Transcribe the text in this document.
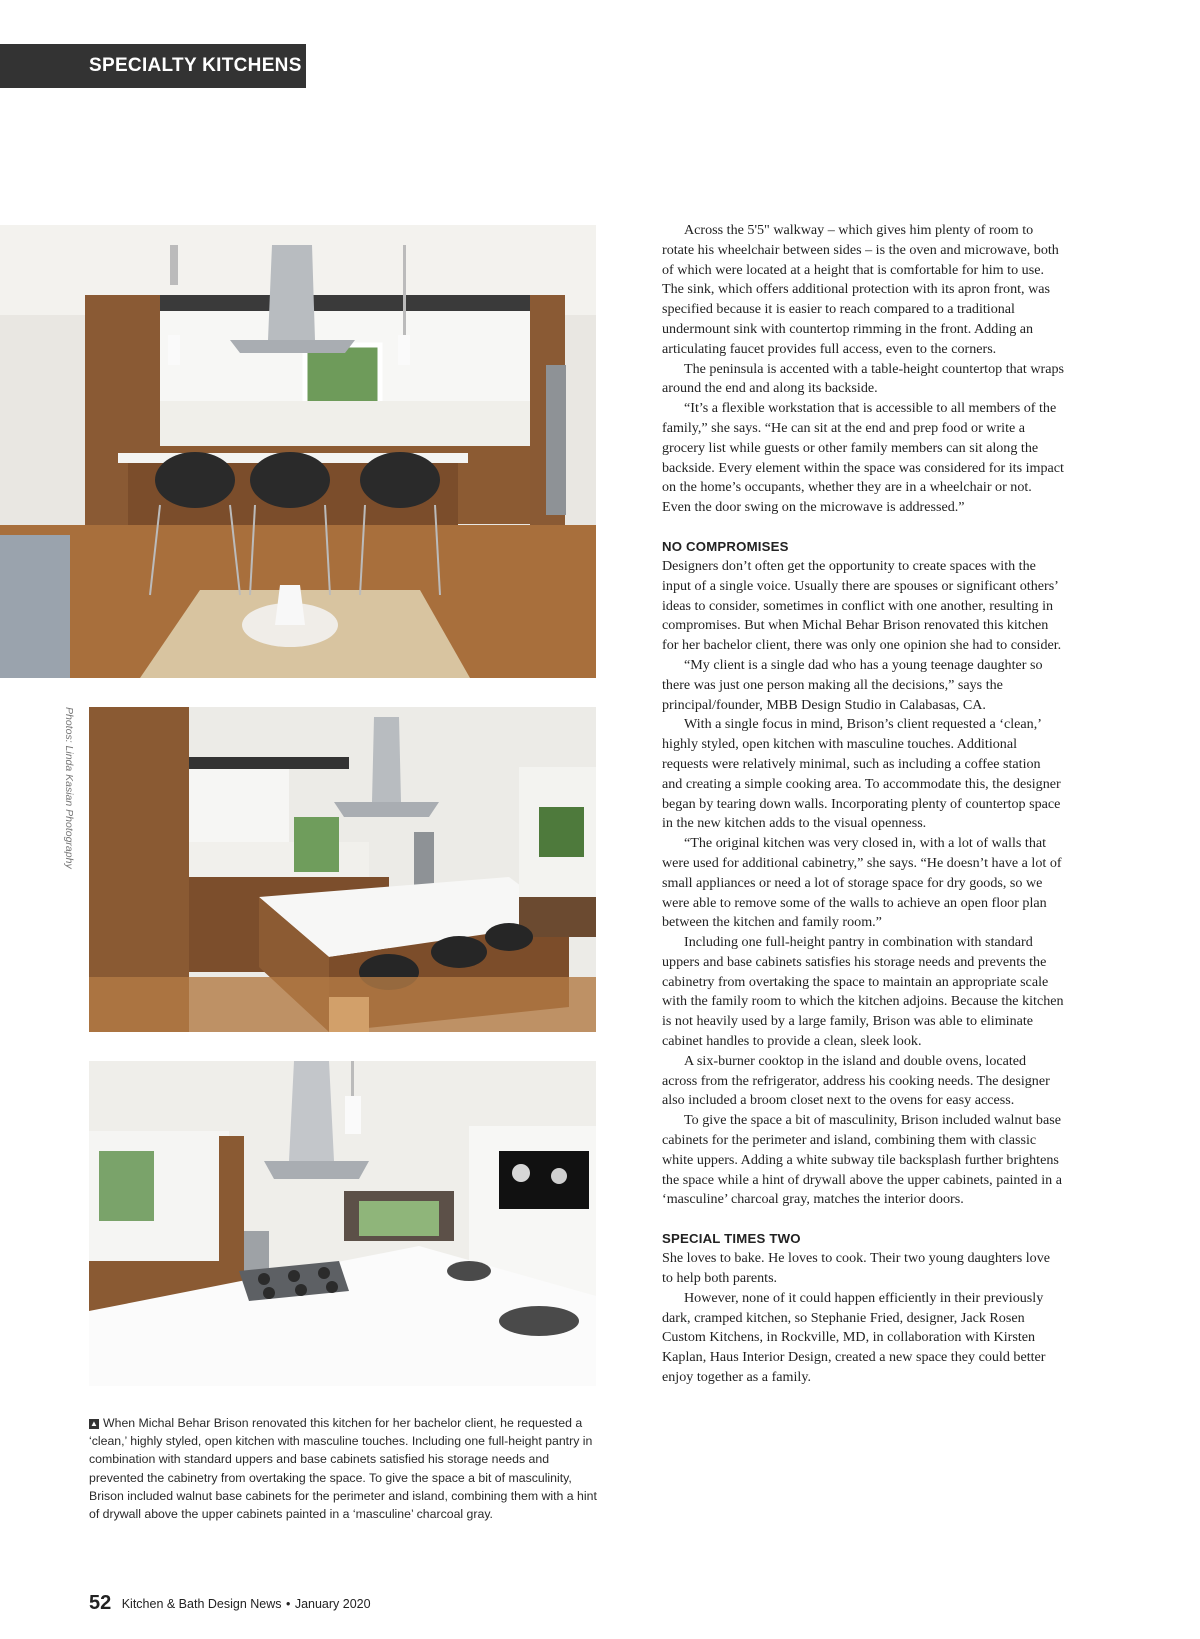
SPECIALTY KITCHENS
Photos: Linda Kasian Photography
▲ When Michal Behar Brison renovated this kitchen for her bachelor client, he requested a ‘clean,’ highly styled, open kitchen with masculine touches. Including one full-height pantry in combination with standard uppers and base cabinets satisfied his storage needs and prevented the cabinetry from overtaking the space. To give the space a bit of masculinity, Brison included walnut base cabinets for the perimeter and island, combining them with a hint of drywall above the upper cabinets painted in a ‘masculine’ charcoal gray.

Across the 5'5" walkway – which gives him plenty of room to rotate his wheelchair between sides – is the oven and microwave, both of which were located at a height that is comfortable for him to use. The sink, which offers additional protection with its apron front, was specified because it is easier to reach compared to a traditional undermount sink with countertop rimming in the front. Adding an articulating faucet provides full access, even to the corners.

The peninsula is accented with a table-height countertop that wraps around the end and along its backside.

“It’s a flexible workstation that is accessible to all members of the family,” she says. “He can sit at the end and prep food or write a grocery list while guests or other family members can sit along the backside. Every element within the space was considered for its impact on the home’s occupants, whether they are in a wheelchair or not. Even the door swing on the microwave is addressed.”

NO COMPROMISES

Designers don’t often get the opportunity to create spaces with the input of a single voice. Usually there are spouses or significant others’ ideas to consider, sometimes in conflict with one another, resulting in compromises. But when Michal Behar Brison renovated this kitchen for her bachelor client, there was only one opinion she had to consider.

“My client is a single dad who has a young teenage daughter so there was just one person making all the decisions,” says the principal/founder, MBB Design Studio in Calabasas, CA.

With a single focus in mind, Brison’s client requested a ‘clean,’ highly styled, open kitchen with masculine touches. Additional requests were relatively minimal, such as including a coffee station and creating a simple cooking area. To accommodate this, the designer began by tearing down walls. Incorporating plenty of countertop space in the new kitchen adds to the visual openness.

“The original kitchen was very closed in, with a lot of walls that were used for additional cabinetry,” she says. “He doesn’t have a lot of small appliances or need a lot of storage space for dry goods, so we were able to remove some of the walls to achieve an open floor plan between the kitchen and family room.”

Including one full-height pantry in combination with standard uppers and base cabinets satisfies his storage needs and prevents the cabinetry from overtaking the space to maintain an appropriate scale with the family room to which the kitchen adjoins. Because the kitchen is not heavily used by a large family, Brison was able to eliminate cabinet handles to provide a clean, sleek look.

A six-burner cooktop in the island and double ovens, located across from the refrigerator, address his cooking needs. The designer also included a broom closet next to the ovens for easy access.

To give the space a bit of masculinity, Brison included walnut base cabinets for the perimeter and island, combining them with classic white uppers. Adding a white subway tile backsplash further brightens the space while a hint of drywall above the upper cabinets, painted in a ‘masculine’ charcoal gray, matches the interior doors.

SPECIAL TIMES TWO

She loves to bake. He loves to cook. Their two young daughters love to help both parents.

However, none of it could happen efficiently in their previously dark, cramped kitchen, so Stephanie Fried, designer, Jack Rosen Custom Kitchens, in Rockville, MD, in collaboration with Kirsten Kaplan, Haus Interior Design, created a new space they could better enjoy together as a family.

52 Kitchen & Bath Design News • January 2020
